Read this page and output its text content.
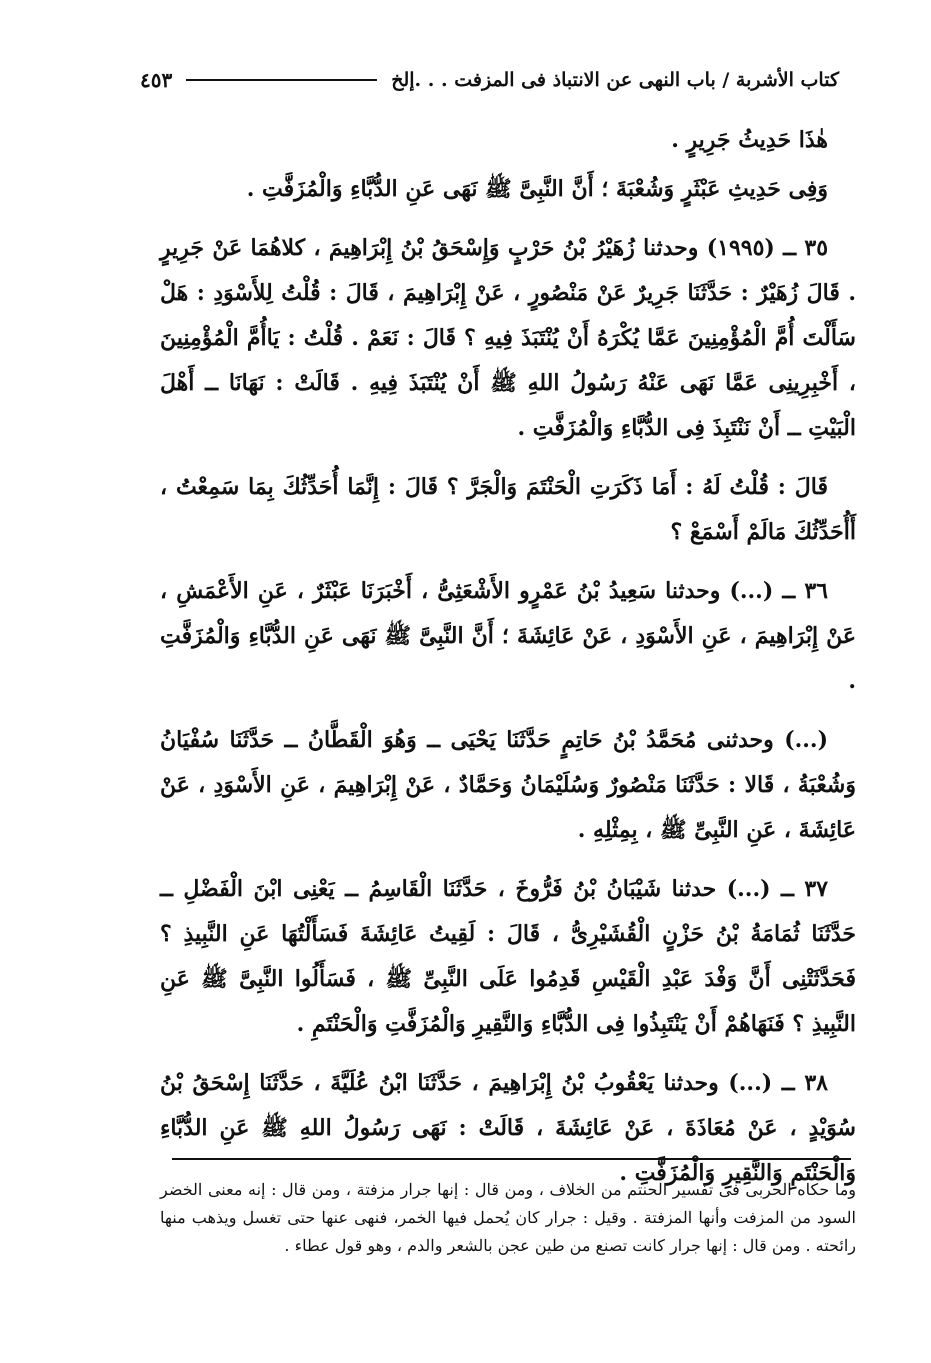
كتاب الأشربة / باب النهى عن الانتباذ فى المزفت . . .إلخ
٤٥٣

هٰذَا حَدِيثُ جَرِيرٍ .

وَفِى حَدِيثِ عَبْثَرٍ وَشُعْبَةَ ؛ أَنَّ النَّبِىَّ ﷺ نَهَى عَنِ الدُّبَّاءِ وَالْمُزَفَّتِ .

٣٥ ــ (١٩٩٥) وحدثنا زُهَيْرُ بْنُ حَرْبٍ وَإِسْحَقُ بْنُ إِبْرَاهِيمَ ، كلاهُمَا عَنْ جَرِيرٍ . قَالَ زُهَيْرٌ : حَدَّثَنَا جَرِيرٌ عَنْ مَنْصُورٍ ، عَنْ إِبْرَاهِيمَ ، قَالَ : قُلْتُ لِلأَسْوَدِ : هَلْ سَأَلْتَ أُمَّ الْمُؤْمِنِينَ عَمَّا يُكْرَهُ أَنْ يُنْتَبَذَ فِيهِ ؟ قَالَ : نَعَمْ . قُلْتُ : يَاأُمَّ الْمُؤْمِنِينَ ، أَخْبِرِينِى عَمَّا نَهَى عَنْهُ رَسُولُ اللهِ ﷺ أَنْ يُنْتَبَذَ فِيهِ . قَالَتْ : نَهَانَا ــ أَهْلَ الْبَيْتِ ــ أَنْ نَنْتَبِذَ فِى الدُّبَّاءِ وَالْمُزَفَّتِ .

قَالَ : قُلْتُ لَهُ : أَمَا ذَكَرَتِ الْحَنْتَمَ وَالْجَرَّ ؟ قَالَ : إِنَّمَا أُحَدِّثُكَ بِمَا سَمِعْتُ ، أَأُحَدِّثُكَ مَالَمْ أَسْمَعْ ؟

٣٦ ــ (...) وحدثنا سَعِيدُ بْنُ عَمْرٍو الأَشْعَثِىُّ ، أَخْبَرَنَا عَبْثَرٌ ، عَنِ الأَعْمَشِ ، عَنْ إِبْرَاهِيمَ ، عَنِ الأَسْوَدِ ، عَنْ عَائِشَةَ ؛ أَنَّ النَّبِىَّ ﷺ نَهَى عَنِ الدُّبَّاءِ وَالْمُزَفَّتِ .

(...) وحدثنى مُحَمَّدُ بْنُ حَاتِمٍ حَدَّثَنَا يَحْيَى ــ وَهُوَ الْقَطَّانُ ــ حَدَّثَنَا سُفْيَانُ وَشُعْبَةُ ، قَالا : حَدَّثَنَا مَنْصُورٌ وَسُلَيْمَانُ وَحَمَّادٌ ، عَنْ إِبْرَاهِيمَ ، عَنِ الأَسْوَدِ ، عَنْ عَائِشَةَ ، عَنِ النَّبِىِّ ﷺ ، بِمِثْلِهِ .

٣٧ ــ (...) حدثنا شَيْبَانُ بْنُ فَرُّوخَ ، حَدَّثَنَا الْقَاسِمُ ــ يَعْنِى ابْنَ الْفَضْلِ ــ حَدَّثَنَا ثُمَامَةُ بْنُ حَزْنٍ الْقُشَيْرِىُّ ، قَالَ : لَقِيتُ عَائِشَةَ فَسَأَلْتُهَا عَنِ النَّبِيذِ ؟ فَحَدَّثَتْنِى أَنَّ وَفْدَ عَبْدِ الْقَيْسِ قَدِمُوا عَلَى النَّبِىِّ ﷺ ، فَسَأَلُوا النَّبِىَّ ﷺ عَنِ النَّبِيذِ ؟ فَنَهَاهُمْ أَنْ يَنْتَبِذُوا فِى الدُّبَّاءِ وَالنَّقِيرِ وَالْمُزَفَّتِ وَالْحَنْتَمِ .

٣٨ ــ (...) وحدثنا يَعْقُوبُ بْنُ إِبْرَاهِيمَ ، حَدَّثَنَا ابْنُ عُلَيَّةَ ، حَدَّثَنَا إِسْحَقُ بْنُ سُوَيْدٍ ، عَنْ مُعَاذَةَ ، عَنْ عَائِشَةَ ، قَالَتْ : نَهَى رَسُولُ اللهِ ﷺ عَنِ الدُّبَّاءِ وَالْحَنْتَمِ وَالنَّقِيرِ وَالْمُزَفَّتِ .

وما حكاه الحربى فى تفسير الحنتم من الخلاف ، ومن قال : إنها جرار مزفتة ، ومن قال : إنه معنى الخضر السود من المزفت وأنها المزفتة . وقيل : جرار كان يُحمل فيها الخمر، فنهى عنها حتى تغسل ويذهب منها رائحته . ومن قال : إنها جرار كانت تصنع من طين عجن بالشعر والدم ، وهو قول عطاء .
